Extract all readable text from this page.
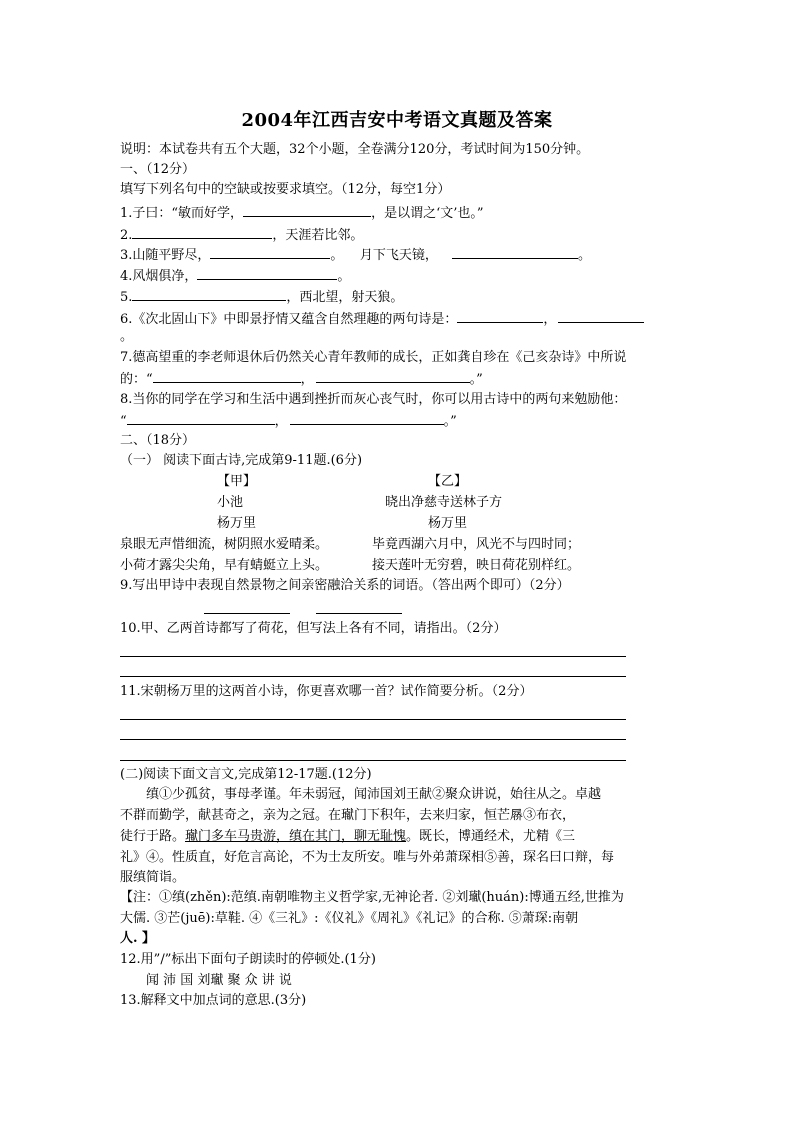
2004年江西吉安中考语文真题及答案
说明：本试卷共有五个大题，32个小题，全卷满分120分，考试时间为150分钟。
一、（12分）
填写下列名句中的空缺或按要求填空。（12分，每空1分）
1.子曰：“敏而好学，	，是以谓之‘文’也。”
2.	，天涯若比邻。
3.山随平野尽，	。    月下飞天镜，	。
4.风烟俱净，	。
5.	，西北望，射天狼。
6.《次北固山下》中即景抒情又蕴含自然理趣的两句诗是：	，
。
7.德高望重的李老师退休后仍然关心青年教师的成长，正如龚自珍在《己亥杂诗》中所说
的：“	，	。”
8.当你的同学在学习和生活中遇到挫折而灰心丧气时，你可以用古诗中的两句来勉励他：
“	，	。”
二、（18分）
（一） 阅读下面古诗,完成第9-11题.(6分)
【甲】	【乙】
小池	晓出净慈寺送林子方
杨万里	杨万里
泉眼无声惜细流，树阴照水爱晴柔。	毕竟西湖六月中，风光不与四时同；
小荷才露尖尖角，早有蜻蜓立上头。	接天莲叶无穷碧，映日荷花别样红。
9.写出甲诗中表现自然景物之间亲密融洽关系的词语。（答出两个即可）（2分）
10.甲、乙两首诗都写了荷花，但写法上各有不同，请指出。（2分）
11.宋朝杨万里的这两首小诗，你更喜欢哪一首？试作简要分析。（2分）
(二)阅读下面文言文,完成第12-17题.(12分)
缜①少孤贫，事母孝谨。年未弱冠，闻沛国刘王献②聚众讲说，始往从之。卓越
不群而勤学，献甚奇之，亲为之冠。在𤩽门下积年，去来归家，恒芒𪨗③布衣，
徒行于路。𤩽门多车马贵游，缜在其门，聊无耻愧。既长，博通经术，尤精《三
礼》④。性质直，好危言高论，不为士友所安。唯与外弟萧琛相⑤善，琛名曰口辩，每
服缜简诣。
【注：①缜(zhěn):范缜.南朝唯物主义哲学家,无神论者. ②刘𤩽(huán):博通五经,世推为
大儒. ③芒(juē):草鞋. ④《三礼》:《仪礼》《周礼》《礼记》的合称. ⑤萧琛:南朝
人. 】
12.用”/”标出下面句子朗读时的停顿处.(1分)
闻 沛 国 刘𤩽 聚 众 讲 说
13.解释文中加点词的意思.(3分)
